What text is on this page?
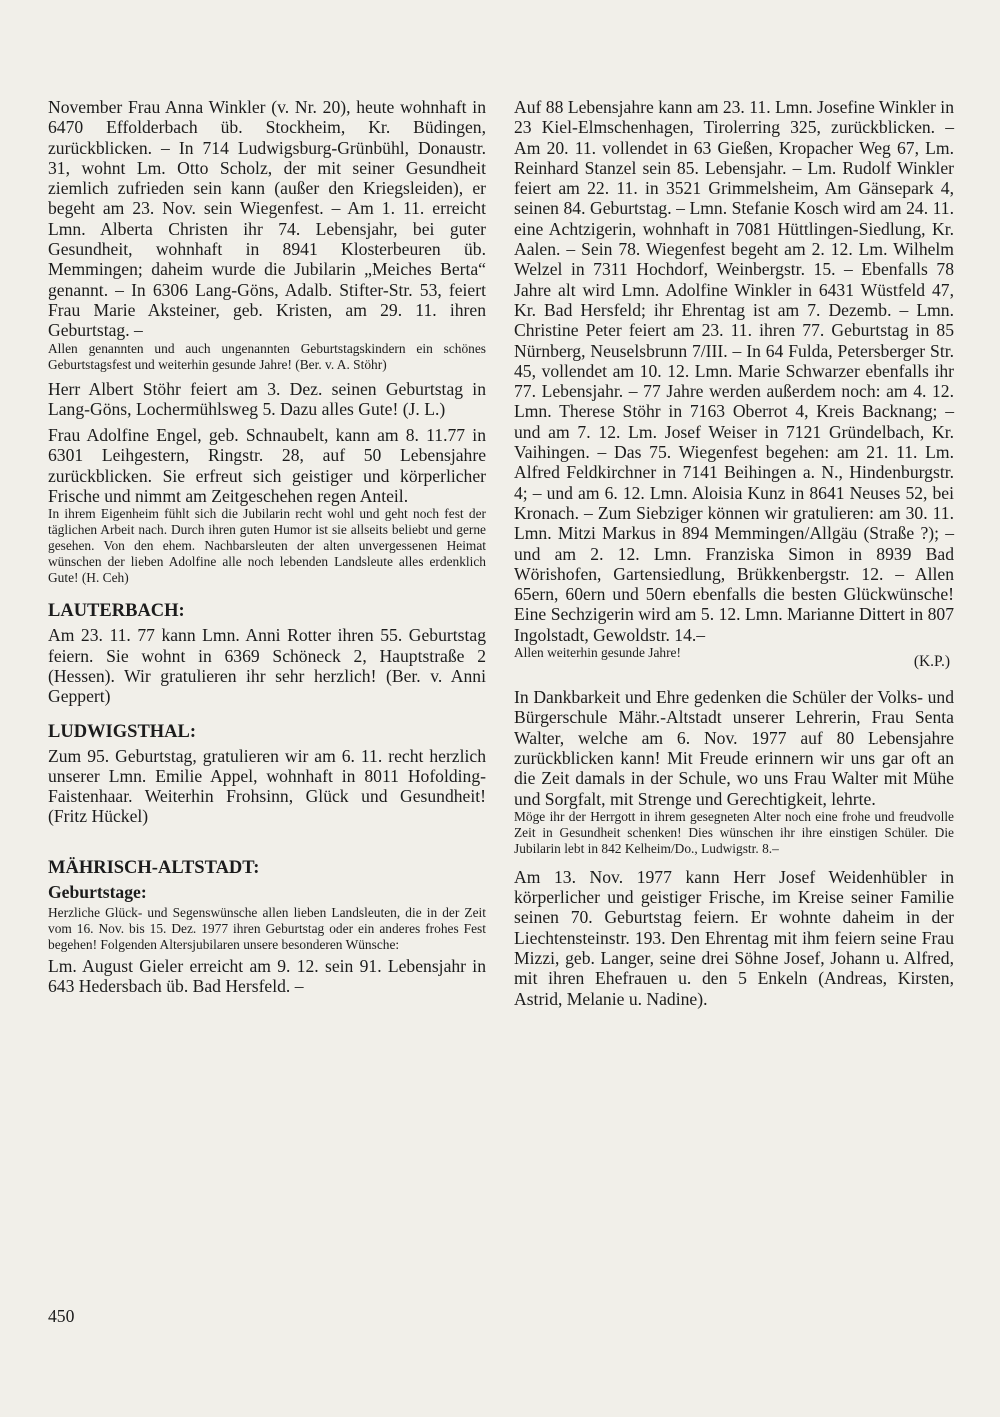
November Frau Anna Winkler (v. Nr. 20), heute wohnhaft in 6470 Effolderbach üb. Stockheim, Kr. Büdingen, zurückblicken. – In 714 Ludwigsburg-Grünbühl, Donaustr. 31, wohnt Lm. Otto Scholz, der mit seiner Gesundheit ziemlich zufrieden sein kann (außer den Kriegsleiden), er begeht am 23. Nov. sein Wiegenfest. – Am 1. 11. erreicht Lmn. Alberta Christen ihr 74. Lebensjahr, bei guter Gesundheit, wohnhaft in 8941 Klosterbeuren üb. Memmingen; daheim wurde die Jubilarin „Meiches Berta“ genannt. – In 6306 Lang-Göns, Adalb. Stifter-Str. 53, feiert Frau Marie Aksteiner, geb. Kristen, am 29. 11. ihren Geburtstag. –

Allen genannten und auch ungenannten Geburtstagskindern ein schönes Geburtstagsfest und weiterhin gesunde Jahre! (Ber. v. A. Stöhr)

Herr Albert Stöhr feiert am 3. Dez. seinen Geburtstag in Lang-Göns, Lochermühlsweg 5. Dazu alles Gute! (J. L.)

Frau Adolfine Engel, geb. Schnaubelt, kann am 8. 11.77 in 6301 Leihgestern, Ringstr. 28, auf 50 Lebensjahre zurückblicken. Sie erfreut sich geistiger und körperlicher Frische und nimmt am Zeitgeschehen regen Anteil.

In ihrem Eigenheim fühlt sich die Jubilarin recht wohl und geht noch fest der täglichen Arbeit nach. Durch ihren guten Humor ist sie allseits beliebt und gerne gesehen. Von den ehem. Nachbarsleuten der alten unvergessenen Heimat wünschen der lieben Adolfine alle noch lebenden Landsleute alles erdenklich Gute! (H. Ceh)

LAUTERBACH:

Am 23. 11. 77 kann Lmn. Anni Rotter ihren 55. Geburtstag feiern. Sie wohnt in 6369 Schöneck 2, Hauptstraße 2 (Hessen). Wir gratulieren ihr sehr herzlich! (Ber. v. Anni Geppert)

LUDWIGSTHAL:

Zum 95. Geburtstag, gratulieren wir am 6. 11. recht herzlich unserer Lmn. Emilie Appel, wohnhaft in 8011 Hofolding-Faistenhaar. Weiterhin Frohsinn, Glück und Gesundheit! (Fritz Hückel)

MÄHRISCH-ALTSTADT:
Geburtstage:

Herzliche Glück- und Segenswünsche allen lieben Landsleuten, die in der Zeit vom 16. Nov. bis 15. Dez. 1977 ihren Geburtstag oder ein anderes frohes Fest begehen! Folgenden Altersjubilaren unsere besonderen Wünsche:

Lm. August Gieler erreicht am 9. 12. sein 91. Lebensjahr in 643 Hedersbach üb. Bad Hersfeld. –

Auf 88 Lebensjahre kann am 23. 11. Lmn. Josefine Winkler in 23 Kiel-Elmschenhagen, Tirolerring 325, zurückblicken. – Am 20. 11. vollendet in 63 Gießen, Kropacher Weg 67, Lm. Reinhard Stanzel sein 85. Lebensjahr. – Lm. Rudolf Winkler feiert am 22. 11. in 3521 Grimmelsheim, Am Gänsepark 4, seinen 84. Geburtstag. – Lmn. Stefanie Kosch wird am 24. 11. eine Achtzigerin, wohnhaft in 7081 Hüttlingen-Siedlung, Kr. Aalen. – Sein 78. Wiegenfest begeht am 2. 12. Lm. Wilhelm Welzel in 7311 Hochdorf, Weinbergstr. 15. – Ebenfalls 78 Jahre alt wird Lmn. Adolfine Winkler in 6431 Wüstfeld 47, Kr. Bad Hersfeld; ihr Ehrentag ist am 7. Dezemb. – Lmn. Christine Peter feiert am 23. 11. ihren 77. Geburtstag in 85 Nürnberg, Neuselsbrunn 7/III. – In 64 Fulda, Petersberger Str. 45, vollendet am 10. 12. Lmn. Marie Schwarzer ebenfalls ihr 77. Lebensjahr. – 77 Jahre werden außerdem noch: am 4. 12. Lmn. Therese Stöhr in 7163 Oberrot 4, Kreis Backnang; – und am 7. 12. Lm. Josef Weiser in 7121 Gründelbach, Kr. Vaihingen. – Das 75. Wiegenfest begehen: am 21. 11. Lm. Alfred Feldkirchner in 7141 Beihingen a. N., Hindenburgstr. 4; – und am 6. 12. Lmn. Aloisia Kunz in 8641 Neuses 52, bei Kronach. – Zum Siebziger können wir gratulieren: am 30. 11. Lmn. Mitzi Markus in 894 Memmingen/Allgäu (Straße ?); – und am 2. 12. Lmn. Franziska Simon in 8939 Bad Wörishofen, Gartensiedlung, Brükkenbergstr. 12. – Allen 65ern, 60ern und 50ern ebenfalls die besten Glückwünsche! Eine Sechzigerin wird am 5. 12. Lmn. Marianne Dittert in 807 Ingolstadt, Gewoldstr. 14.–

Allen weiterhin gesunde Jahre!

(K.P.)

In Dankbarkeit und Ehre gedenken die Schüler der Volks- und Bürgerschule Mähr.-Altstadt unserer Lehrerin, Frau Senta Walter, welche am 6. Nov. 1977 auf 80 Lebensjahre zurückblicken kann! Mit Freude erinnern wir uns gar oft an die Zeit damals in der Schule, wo uns Frau Walter mit Mühe und Sorgfalt, mit Strenge und Gerechtigkeit, lehrte.

Möge ihr der Herrgott in ihrem gesegneten Alter noch eine frohe und freudvolle Zeit in Gesundheit schenken! Dies wünschen ihr ihre einstigen Schüler. Die Jubilarin lebt in 842 Kelheim/Do., Ludwigstr. 8.–

Am 13. Nov. 1977 kann Herr Josef Weidenhübler in körperlicher und geistiger Frische, im Kreise seiner Familie seinen 70. Geburtstag feiern. Er wohnte daheim in der Liechtensteinstr. 193. Den Ehrentag mit ihm feiern seine Frau Mizzi, geb. Langer, seine drei Söhne Josef, Johann u. Alfred, mit ihren Ehefrauen u. den 5 Enkeln (Andreas, Kirsten, Astrid, Melanie u. Nadine).

450
